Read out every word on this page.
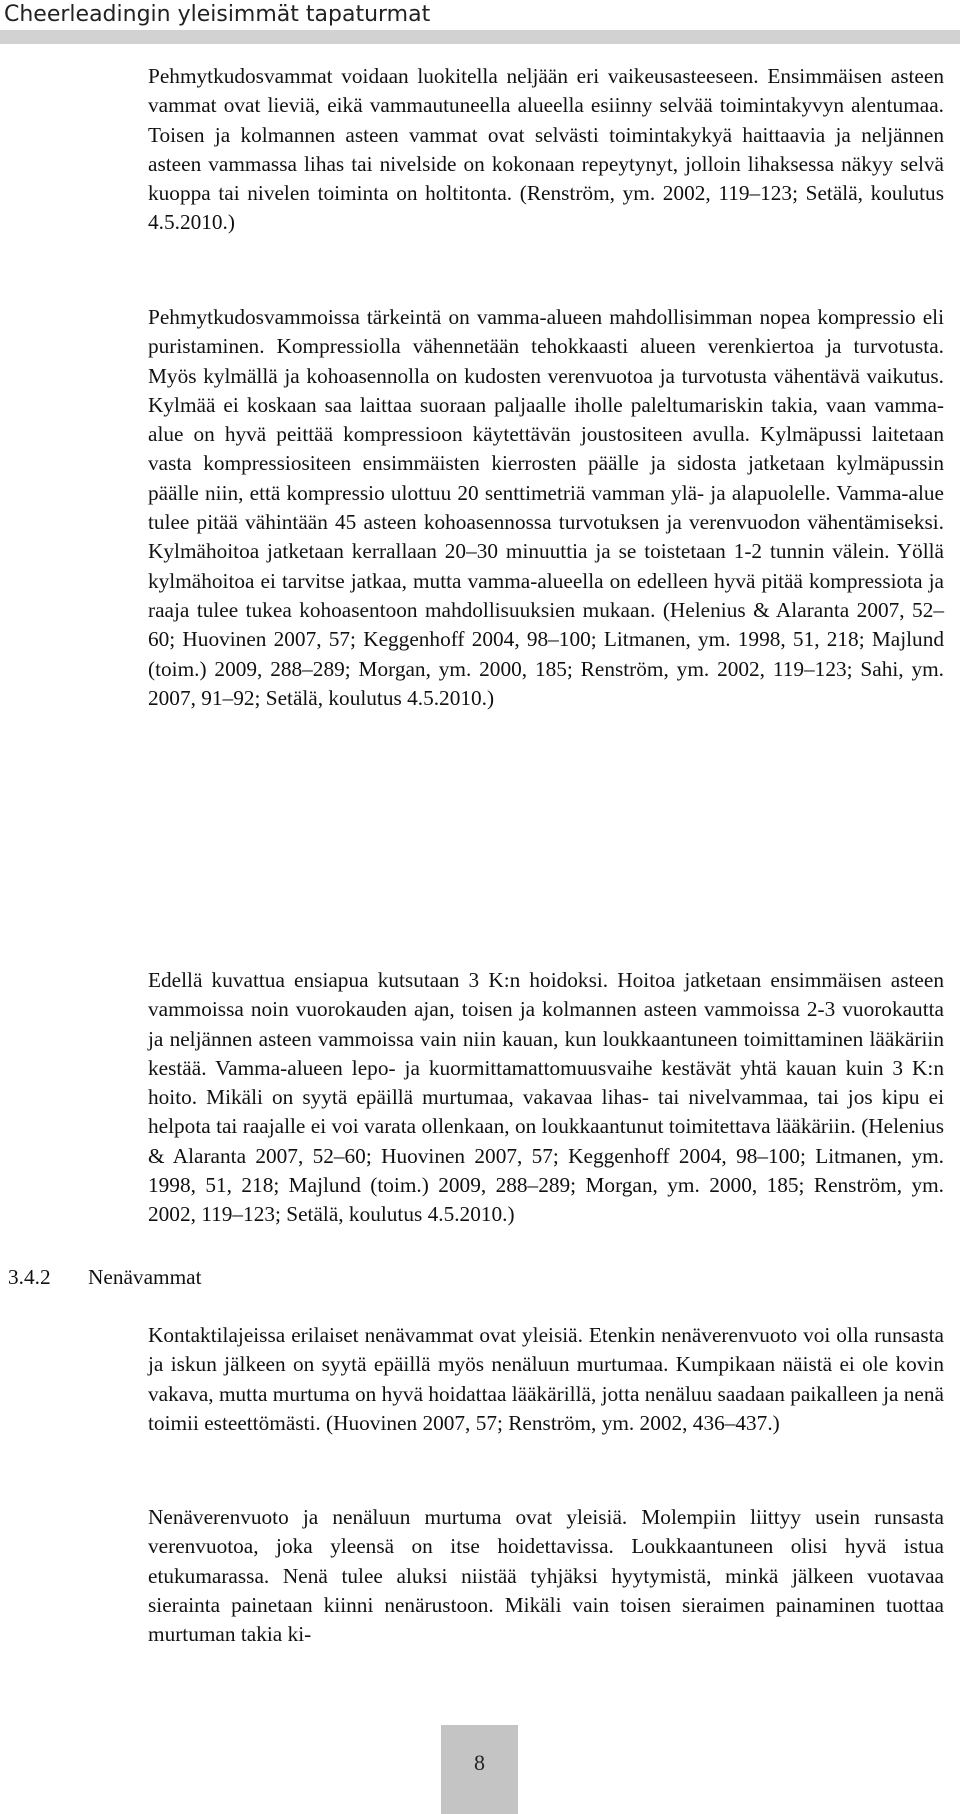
Cheerleadingin yleisimmät tapaturmat

Pehmytkudosvammat voidaan luokitella neljään eri vaikeusasteeseen. Ensimmäisen asteen vammat ovat lieviä, eikä vammautuneella alueella esiinny selvää toimintakyvyn alentumaa. Toisen ja kolmannen asteen vammat ovat selvästi toimintakykyä haittaavia ja neljännen asteen vammassa lihas tai nivelside on kokonaan repeytynyt, jolloin lihaksessa näkyy selvä kuoppa tai nivelen toiminta on holtitonta. (Renström, ym. 2002, 119–123; Setälä, koulutus 4.5.2010.)

Pehmytkudosvammoissa tärkeintä on vamma-alueen mahdollisimman nopea kompressio eli puristaminen. Kompressiolla vähennetään tehokkaasti alueen verenkiertoa ja turvotusta. Myös kylmällä ja kohoasennolla on kudosten verenvuotoa ja turvotusta vähentävä vaikutus. Kylmää ei koskaan saa laittaa suoraan paljaalle iholle paleltumariskin takia, vaan vamma-alue on hyvä peittää kompressioon käytettävän joustositeen avulla. Kylmäpussi laitetaan vasta kompressiositeen ensimmäisten kierrosten päälle ja sidosta jatketaan kylmäpussin päälle niin, että kompressio ulottuu 20 senttimetriä vamman ylä- ja alapuolelle. Vamma-alue tulee pitää vähintään 45 asteen kohoasennossa turvotuksen ja verenvuodon vähentämiseksi. Kylmähoitoa jatketaan kerrallaan 20–30 minuuttia ja se toistetaan 1-2 tunnin välein. Yöllä kylmähoitoa ei tarvitse jatkaa, mutta vamma-alueella on edelleen hyvä pitää kompressiota ja raaja tulee tukea kohoasentoon mahdollisuuksien mukaan. (Helenius & Alaranta 2007, 52–60; Huovinen 2007, 57; Keggenhoff 2004, 98–100; Litmanen, ym. 1998, 51, 218; Majlund (toim.) 2009, 288–289; Morgan, ym. 2000, 185; Renström, ym. 2002, 119–123; Sahi, ym. 2007, 91–92; Setälä, koulutus 4.5.2010.)

Edellä kuvattua ensiapua kutsutaan 3 K:n hoidoksi. Hoitoa jatketaan ensimmäisen asteen vammoissa noin vuorokauden ajan, toisen ja kolmannen asteen vammoissa 2-3 vuorokautta ja neljännen asteen vammoissa vain niin kauan, kun loukkaantuneen toimittaminen lääkäriin kestää. Vamma-alueen lepo- ja kuormittamattomuusvaihe kestävät yhtä kauan kuin 3 K:n hoito. Mikäli on syytä epäillä murtumaa, vakavaa lihas- tai nivelvammaa, tai jos kipu ei helpota tai raajalle ei voi varata ollenkaan, on loukkaantunut toimitettava lääkäriin. (Helenius & Alaranta 2007, 52–60; Huovinen 2007, 57; Keggenhoff 2004, 98–100; Litmanen, ym. 1998, 51, 218; Majlund (toim.) 2009, 288–289; Morgan, ym. 2000, 185; Renström, ym. 2002, 119–123; Setälä, koulutus 4.5.2010.)

3.4.2 Nenävammat

Kontaktilajeissa erilaiset nenävammat ovat yleisiä. Etenkin nenäverenvuoto voi olla runsasta ja iskun jälkeen on syytä epäillä myös nenäluun murtumaa. Kumpikaan näistä ei ole kovin vakava, mutta murtuma on hyvä hoidattaa lääkärillä, jotta nenäluu saadaan paikalleen ja nenä toimii esteettömästi. (Huovinen 2007, 57; Renström, ym. 2002, 436–437.)

Nenäverenvuoto ja nenäluun murtuma ovat yleisiä. Molempiin liittyy usein runsasta verenvuotoa, joka yleensä on itse hoidettavissa. Loukkaantuneen olisi hyvä istua etukumarassa. Nenä tulee aluksi niistää tyhjäksi hyytymistä, minkä jälkeen vuotavaa sierainta painetaan kiinni nenärustoon. Mikäli vain toisen sieraimen painaminen tuottaa murtuman takia ki-

8
